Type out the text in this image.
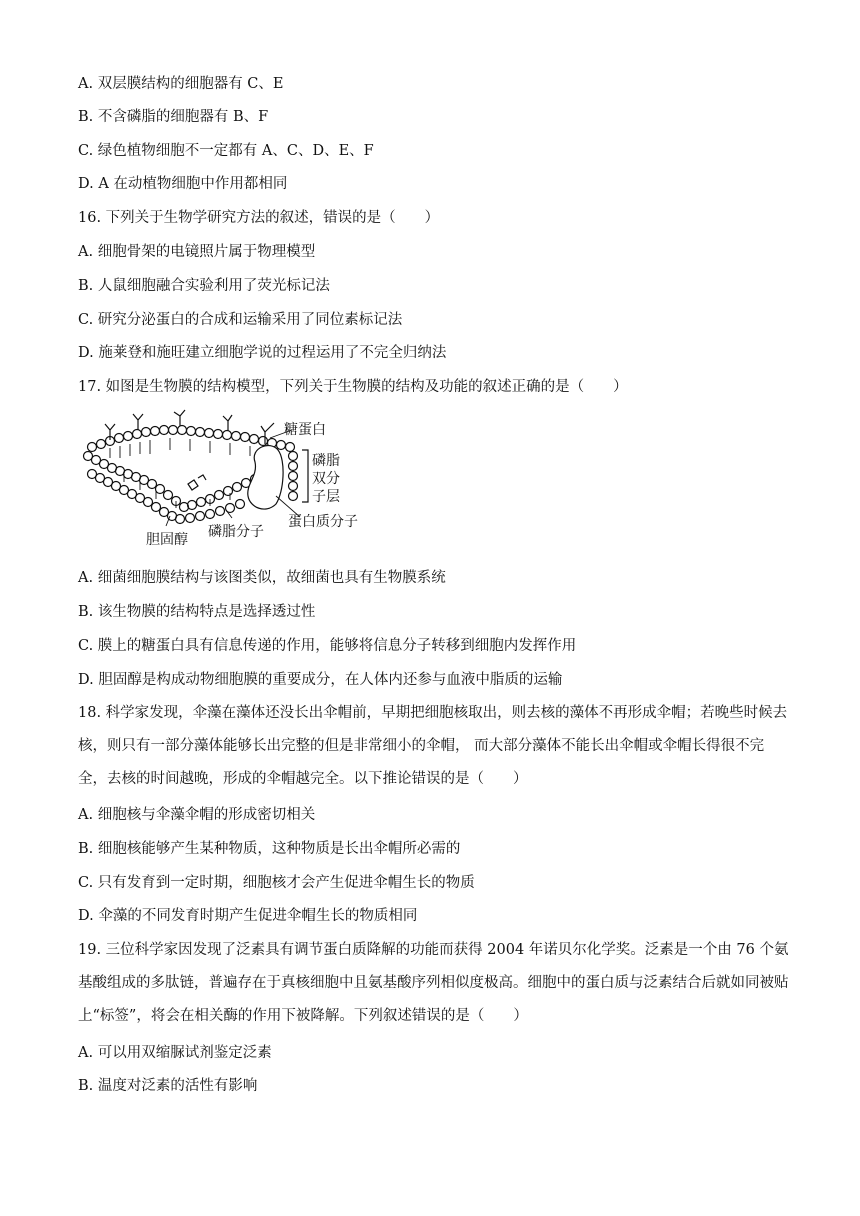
A. 双层膜结构的细胞器有 C、E
B. 不含磷脂的细胞器有 B、F
C. 绿色植物细胞不一定都有 A、C、D、E、F
D. A 在动植物细胞中作用都相同
16. 下列关于生物学研究方法的叙述，错误的是（　　）
A. 细胞骨架的电镜照片属于物理模型
B. 人鼠细胞融合实验利用了荧光标记法
C. 研究分泌蛋白的合成和运输采用了同位素标记法
D. 施莱登和施旺建立细胞学说的过程运用了不完全归纳法
17. 如图是生物膜的结构模型，下列关于生物膜的结构及功能的叙述正确的是（　　）
糖蛋白
磷脂
双分
子层
蛋白质分子
胆固醇 磷脂分子
A. 细菌细胞膜结构与该图类似，故细菌也具有生物膜系统
B. 该生物膜的结构特点是选择透过性
C. 膜上的糖蛋白具有信息传递的作用，能够将信息分子转移到细胞内发挥作用
D. 胆固醇是构成动物细胞膜的重要成分，在人体内还参与血液中脂质的运输
18. 科学家发现，伞藻在藻体还没长出伞帽前，早期把细胞核取出，则去核的藻体不再形成伞帽；若晚些时候去核，则只有一部分藻体能够长出完整的但是非常细小的伞帽， 而大部分藻体不能长出伞帽或伞帽长得很不完全，去核的时间越晚，形成的伞帽越完全。以下推论错误的是（　　）
A. 细胞核与伞藻伞帽的形成密切相关
B. 细胞核能够产生某种物质，这种物质是长出伞帽所必需的
C. 只有发育到一定时期，细胞核才会产生促进伞帽生长的物质
D. 伞藻的不同发育时期产生促进伞帽生长的物质相同
19. 三位科学家因发现了泛素具有调节蛋白质降解的功能而获得 2004 年诺贝尔化学奖。泛素是一个由 76 个氨基酸组成的多肽链，普遍存在于真核细胞中且氨基酸序列相似度极高。细胞中的蛋白质与泛素结合后就如同被贴上“标签”，将会在相关酶的作用下被降解。下列叙述错误的是（　　）
A. 可以用双缩脲试剂鉴定泛素
B. 温度对泛素的活性有影响
